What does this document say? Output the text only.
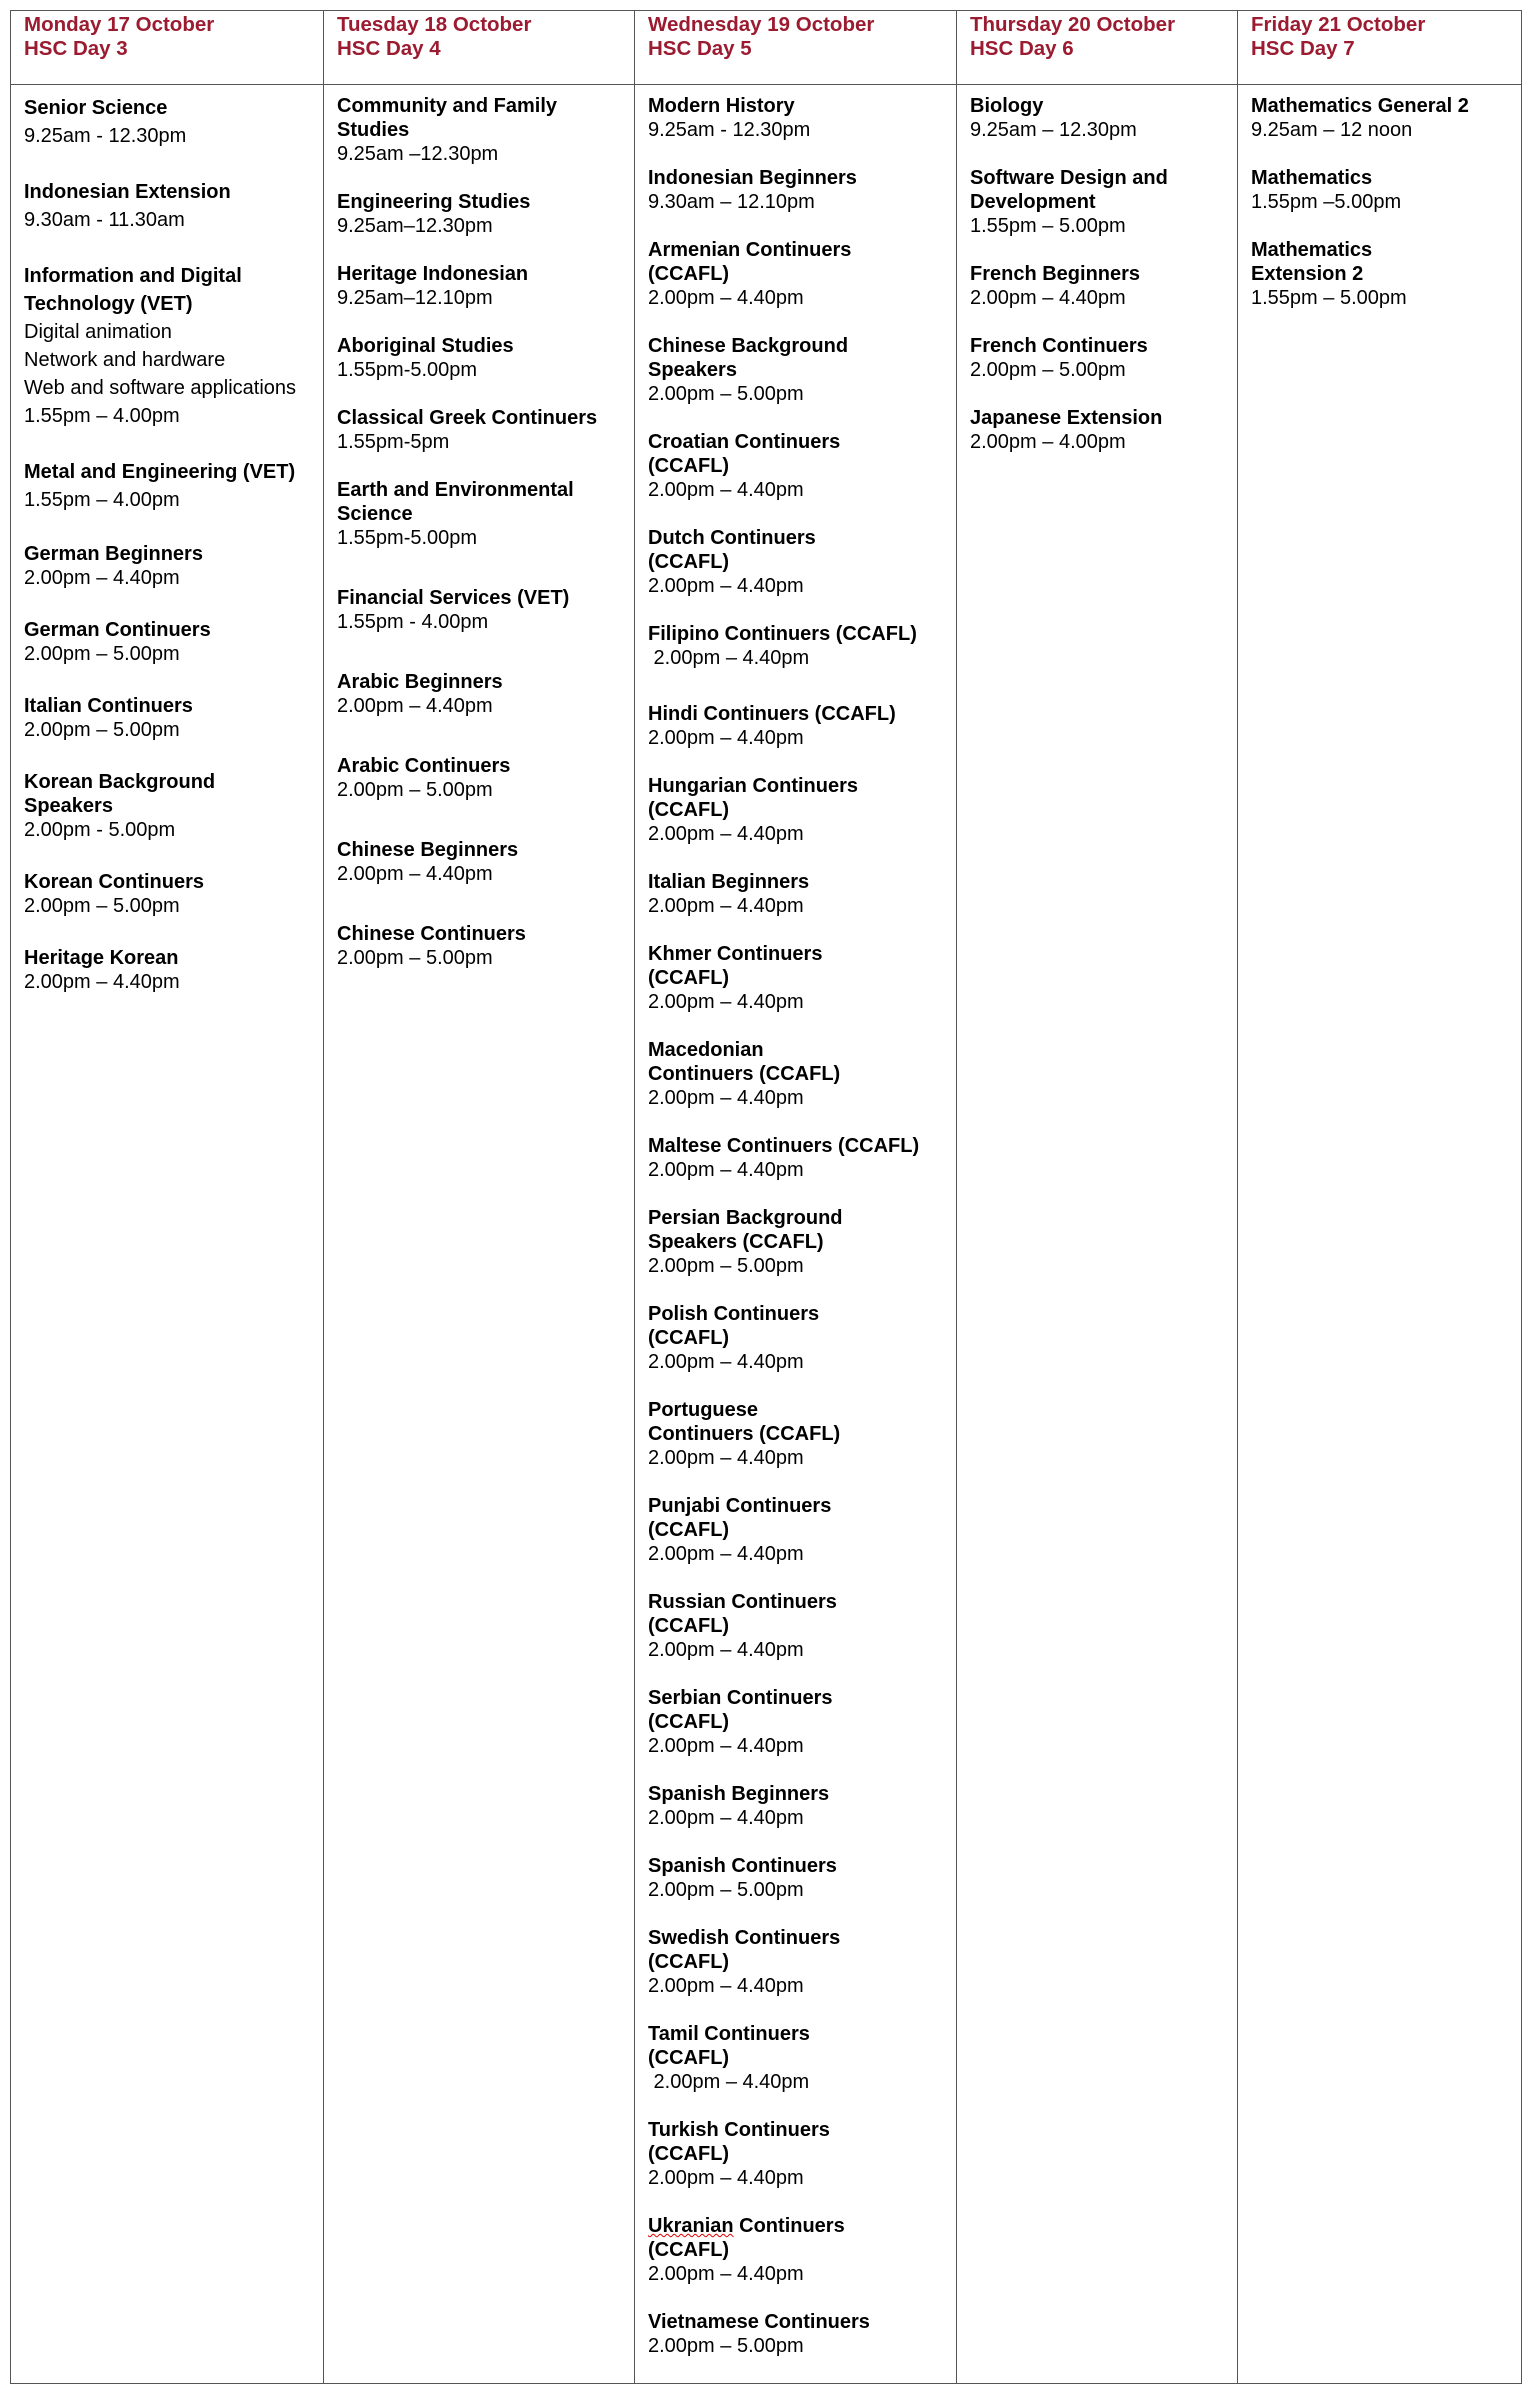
Monday 17 October
HSC Day 3
Senior Science
9.25am - 12.30pm
Indonesian Extension
9.30am - 11.30am
Information and Digital Technology (VET)
Digital animation
Network and hardware
Web and software applications
1.55pm – 4.00pm
Metal and Engineering (VET)
1.55pm – 4.00pm
German Beginners
2.00pm – 4.40pm
German Continuers
2.00pm – 5.00pm
Italian Continuers
2.00pm – 5.00pm
Korean Background Speakers
2.00pm - 5.00pm
Korean Continuers
2.00pm – 5.00pm
Heritage Korean
2.00pm – 4.40pm
Tuesday 18 October
HSC Day 4
Community and Family Studies
9.25am –12.30pm
Engineering Studies
9.25am–12.30pm
Heritage Indonesian
9.25am–12.10pm
Aboriginal Studies
1.55pm-5.00pm
Classical Greek Continuers
1.55pm-5pm
Earth and Environmental Science
1.55pm-5.00pm
Financial Services (VET)
1.55pm - 4.00pm
Arabic Beginners
2.00pm – 4.40pm
Arabic Continuers
2.00pm – 5.00pm
Chinese Beginners
2.00pm – 4.40pm
Chinese Continuers
2.00pm – 5.00pm
Wednesday 19 October
HSC Day 5
Modern History
9.25am - 12.30pm
Indonesian Beginners
9.30am – 12.10pm
Armenian Continuers (CCAFL)
2.00pm – 4.40pm
Chinese Background Speakers
2.00pm – 5.00pm
Croatian Continuers (CCAFL)
2.00pm – 4.40pm
Dutch Continuers (CCAFL)
2.00pm – 4.40pm
Filipino Continuers (CCAFL)
2.00pm – 4.40pm
Hindi Continuers (CCAFL)
2.00pm – 4.40pm
Hungarian Continuers (CCAFL)
2.00pm – 4.40pm
Italian Beginners
2.00pm – 4.40pm
Khmer Continuers (CCAFL)
2.00pm – 4.40pm
Macedonian Continuers (CCAFL)
2.00pm – 4.40pm
Maltese Continuers (CCAFL)
2.00pm – 4.40pm
Persian Background Speakers (CCAFL)
2.00pm – 5.00pm
Polish Continuers (CCAFL)
2.00pm – 4.40pm
Portuguese Continuers (CCAFL)
2.00pm – 4.40pm
Punjabi Continuers (CCAFL)
2.00pm – 4.40pm
Russian Continuers (CCAFL)
2.00pm – 4.40pm
Serbian Continuers (CCAFL)
2.00pm – 4.40pm
Spanish Beginners
2.00pm – 4.40pm
Spanish Continuers
2.00pm – 5.00pm
Swedish Continuers (CCAFL)
2.00pm – 4.40pm
Tamil Continuers (CCAFL)
2.00pm – 4.40pm
Turkish Continuers (CCAFL)
2.00pm – 4.40pm
Ukranian Continuers (CCAFL)
2.00pm – 4.40pm
Vietnamese Continuers
2.00pm – 5.00pm
Thursday 20 October
HSC Day 6
Biology
9.25am – 12.30pm
Software Design and Development
1.55pm – 5.00pm
French Beginners
2.00pm – 4.40pm
French Continuers
2.00pm – 5.00pm
Japanese Extension
2.00pm – 4.00pm
Friday 21 October
HSC Day 7
Mathematics General 2
9.25am – 12 noon
Mathematics
1.55pm –5.00pm
Mathematics Extension 2
1.55pm – 5.00pm
